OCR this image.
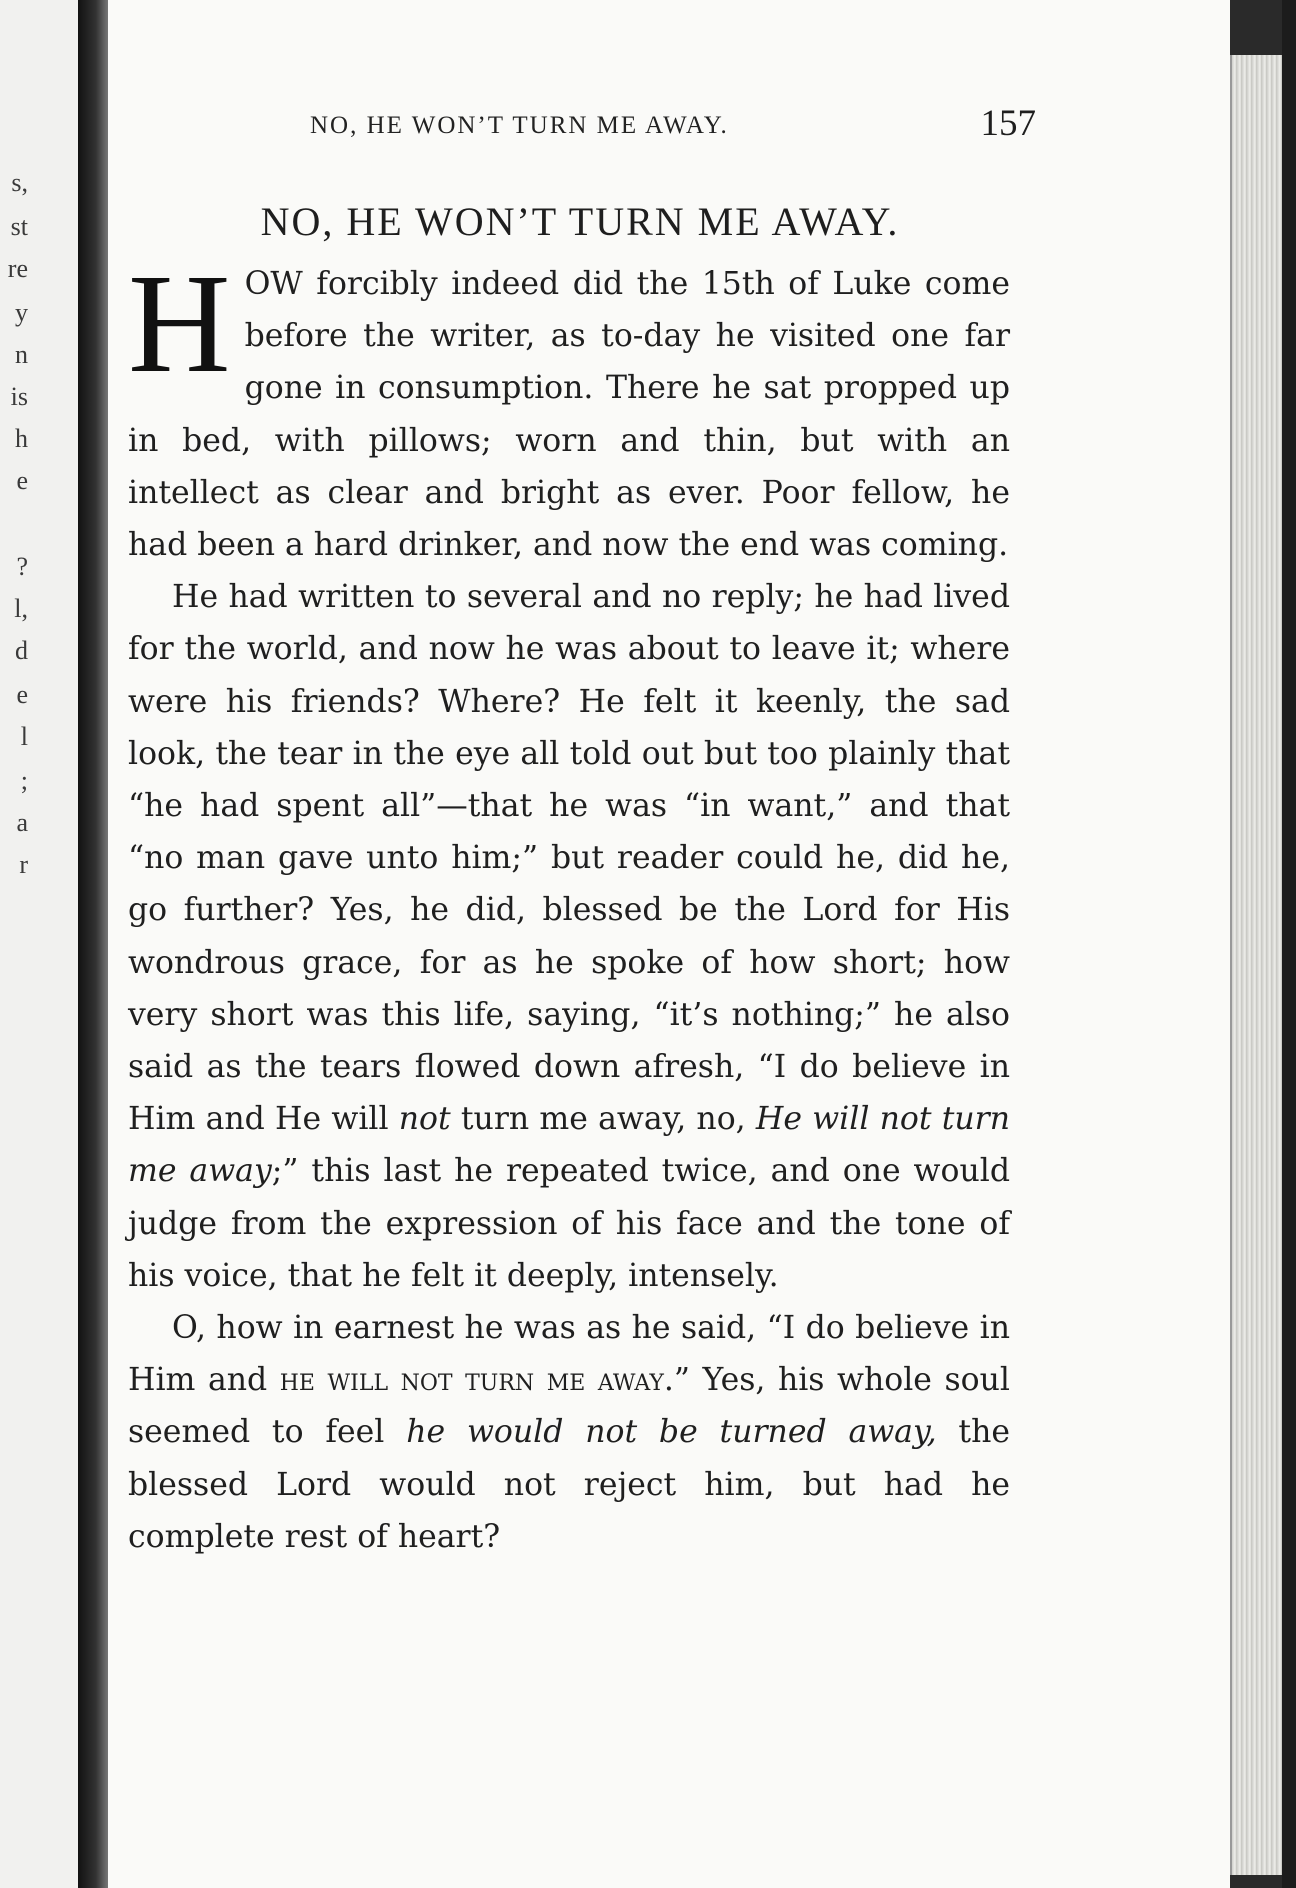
s,
st
re
y
n
is
h
e
?
l,
d
e
l
;
a
r
NO, HE WON’T TURN ME AWAY.	157
NO, HE WON’T TURN ME AWAY.

HOW forcibly indeed did the 15th of Luke come before the writer, as to-day he visited one far gone in consumption. There he sat propped up in bed, with pillows; worn and thin, but with an intellect as clear and bright as ever. Poor fellow, he had been a hard drinker, and now the end was coming.

He had written to several and no reply; he had lived for the world, and now he was about to leave it; where were his friends? Where? He felt it keenly, the sad look, the tear in the eye all told out but too plainly that “he had spent all”—that he was “in want,” and that “no man gave unto him;” but reader could he, did he, go further? Yes, he did, blessed be the Lord for His wondrous grace, for as he spoke of how short; how very short was this life, saying, “it’s nothing;” he also said as the tears flowed down afresh, “I do believe in Him and He will not turn me away, no, He will not turn me away;” this last he repeated twice, and one would judge from the expression of his face and the tone of his voice, that he felt it deeply, intensely.

O, how in earnest he was as he said, “I do believe in Him and he will not turn me away.” Yes, his whole soul seemed to feel he would not be turned away, the blessed Lord would not reject him, but had he complete rest of heart?
